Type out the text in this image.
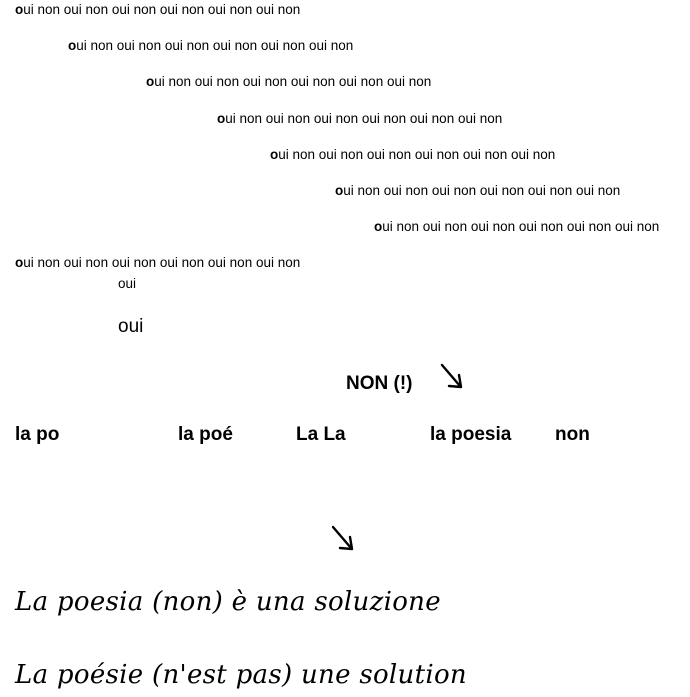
oui non oui non oui non oui non oui non oui non
oui non oui non oui non oui non oui non oui non
oui non oui non oui non oui non oui non oui non
oui non oui non oui non oui non oui non oui non
oui non oui non oui non oui non oui non oui non
oui non oui non oui non oui non oui non oui non
oui non oui non oui non oui non oui non oui non
oui non oui non oui non oui non oui non oui non
oui
oui
NON (!)
la po	la poé	La La	la poesia non
La poesia (non) è una soluzione
La poésie (n'est pas) une solution
